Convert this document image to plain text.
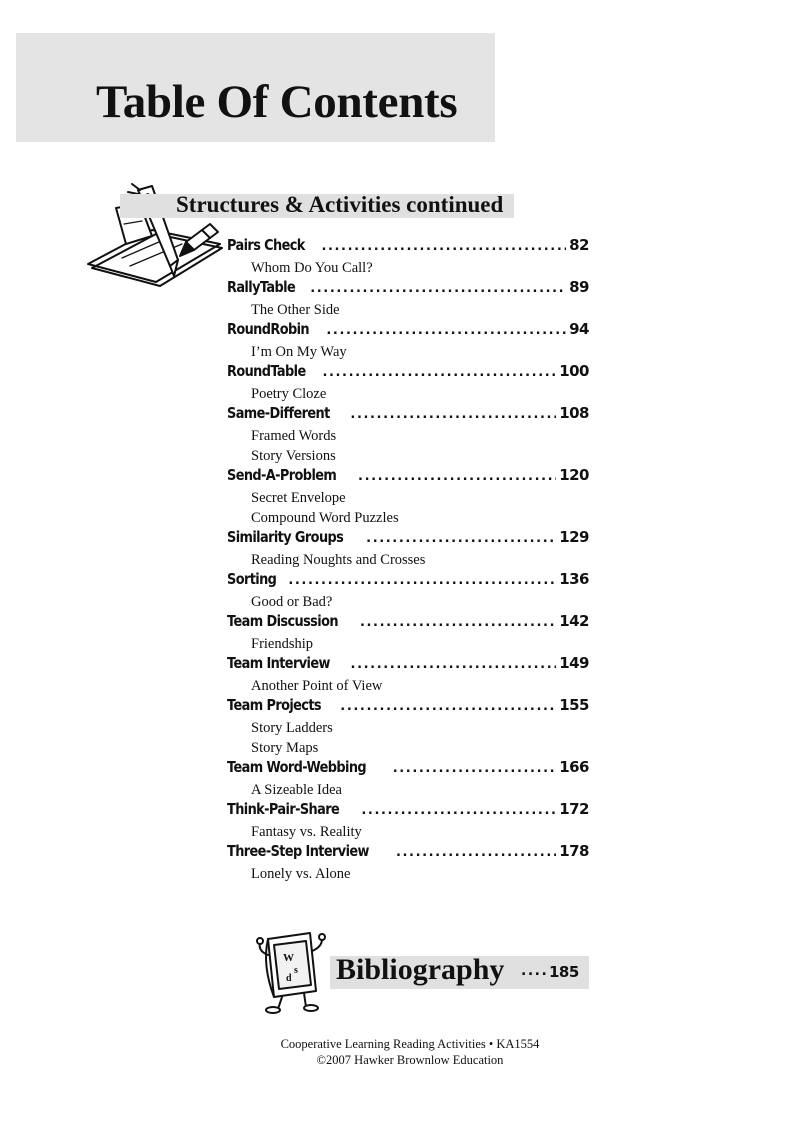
Table Of Contents
Structures & Activities continued
Pairs Check .....	82
Whom Do You Call?
RallyTable .....	89
The Other Side
RoundRobin .....	94
I’m On My Way
RoundTable .....	100
Poetry Cloze
Same-Different .....	108
Framed Words
Story Versions
Send-A-Problem .....	120
Secret Envelope
Compound Word Puzzles
Similarity Groups .....	129
Reading Noughts and Crosses
Sorting .....	136
Good or Bad?
Team Discussion .....	142
Friendship
Team Interview .....	149
Another Point of View
Team Projects .....	155
Story Ladders
Story Maps
Team Word-Webbing .....	166
A Sizeable Idea
Think-Pair-Share .....	172
Fantasy vs. Reality
Three-Step Interview .....	178
Lonely vs. Alone
W
s
d Bibliography .... 185
Cooperative Learning Reading Activities • KA1554
©2007 Hawker Brownlow Education
